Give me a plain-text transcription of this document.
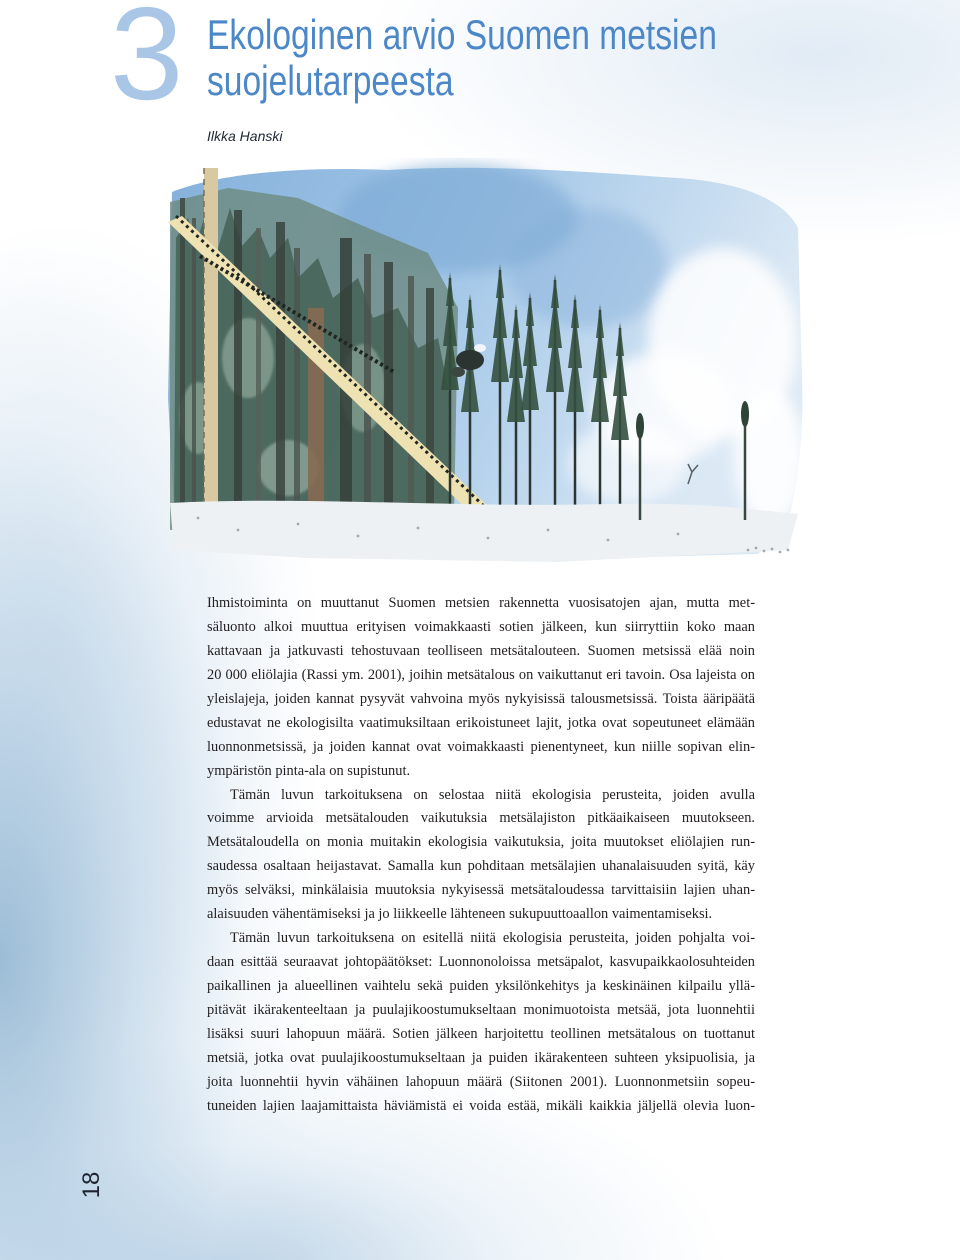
3 Ekologinen arvio Suomen metsien
suojelutarpeesta
Ilkka Hanski
Ihmistoiminta on muuttanut Suomen metsien rakennetta vuosisatojen ajan, mutta met-
säluonto alkoi muuttua erityisen voimakkaasti sotien jälkeen, kun siirryttiin koko maan
kattavaan ja jatkuvasti tehostuvaan teolliseen metsätalouteen. Suomen metsissä elää noin
20 000 eliölajia (Rassi ym. 2001), joihin metsätalous on vaikuttanut eri tavoin. Osa lajeista on
yleislajeja, joiden kannat pysyvät vahvoina myös nykyisissä talousmetsissä. Toista ääripäätä
edustavat ne ekologisilta vaatimuksiltaan erikoistuneet lajit, jotka ovat sopeutuneet elämään
luonnonmetsissä, ja joiden kannat ovat voimakkaasti pienentyneet, kun niille sopivan elin-
ympäristön pinta-ala on supistunut.
Tämän luvun tarkoituksena on selostaa niitä ekologisia perusteita, joiden avulla
voimme arvioida metsätalouden vaikutuksia metsälajiston pitkäaikaiseen muutokseen.
Metsätaloudella on monia muitakin ekologisia vaikutuksia, joita muutokset eliölajien run-
saudessa osaltaan heijastavat. Samalla kun pohditaan metsälajien uhanalaisuuden syitä, käy
myös selväksi, minkälaisia muutoksia nykyisessä metsätaloudessa tarvittaisiin lajien uhan-
alaisuuden vähentämiseksi ja jo liikkeelle lähteneen sukupuuttoaallon vaimentamiseksi.
Tämän luvun tarkoituksena on esitellä niitä ekologisia perusteita, joiden pohjalta voi-
daan esittää seuraavat johtopäätökset: Luonnonoloissa metsäpalot, kasvupaikkaolosuhteiden
paikallinen ja alueellinen vaihtelu sekä puiden yksilönkehitys ja keskinäinen kilpailu yllä-
pitävät ikärakenteeltaan ja puulajikoostumukseltaan monimuotoista metsää, jota luonnehtii
lisäksi suuri lahopuun määrä. Sotien jälkeen harjoitettu teollinen metsätalous on tuottanut
metsiä, jotka ovat puulajikoostumukseltaan ja puiden ikärakenteen suhteen yksipuolisia, ja
joita luonnehtii hyvin vähäinen lahopuun määrä (Siitonen 2001). Luonnonmetsiin sopeu-
tuneiden lajien laajamittaista häviämistä ei voida estää, mikäli kaikkia jäljellä olevia luon-
18
